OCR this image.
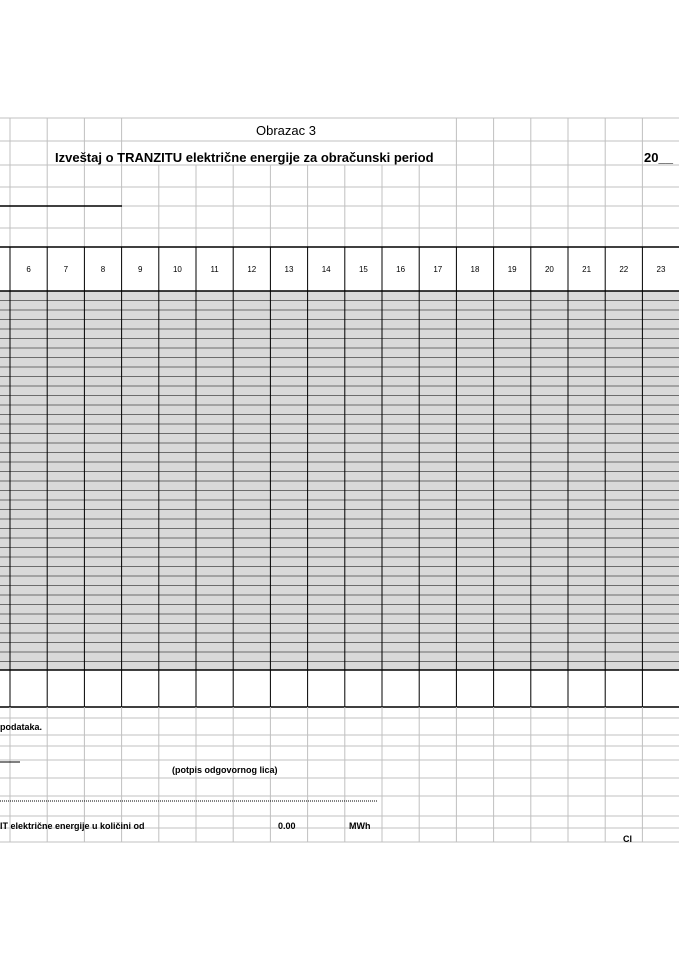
Obrazac 3
Izveštaj o TRANZITU električne energije za obračunski period	20__
6	7	8	9	10	11	12	13	14	15	16	17	18	19	20	21	22	23
podataka.
(potpis odgovornog lica)
IT električne energije u količini od	0.00	MWh
Cl
